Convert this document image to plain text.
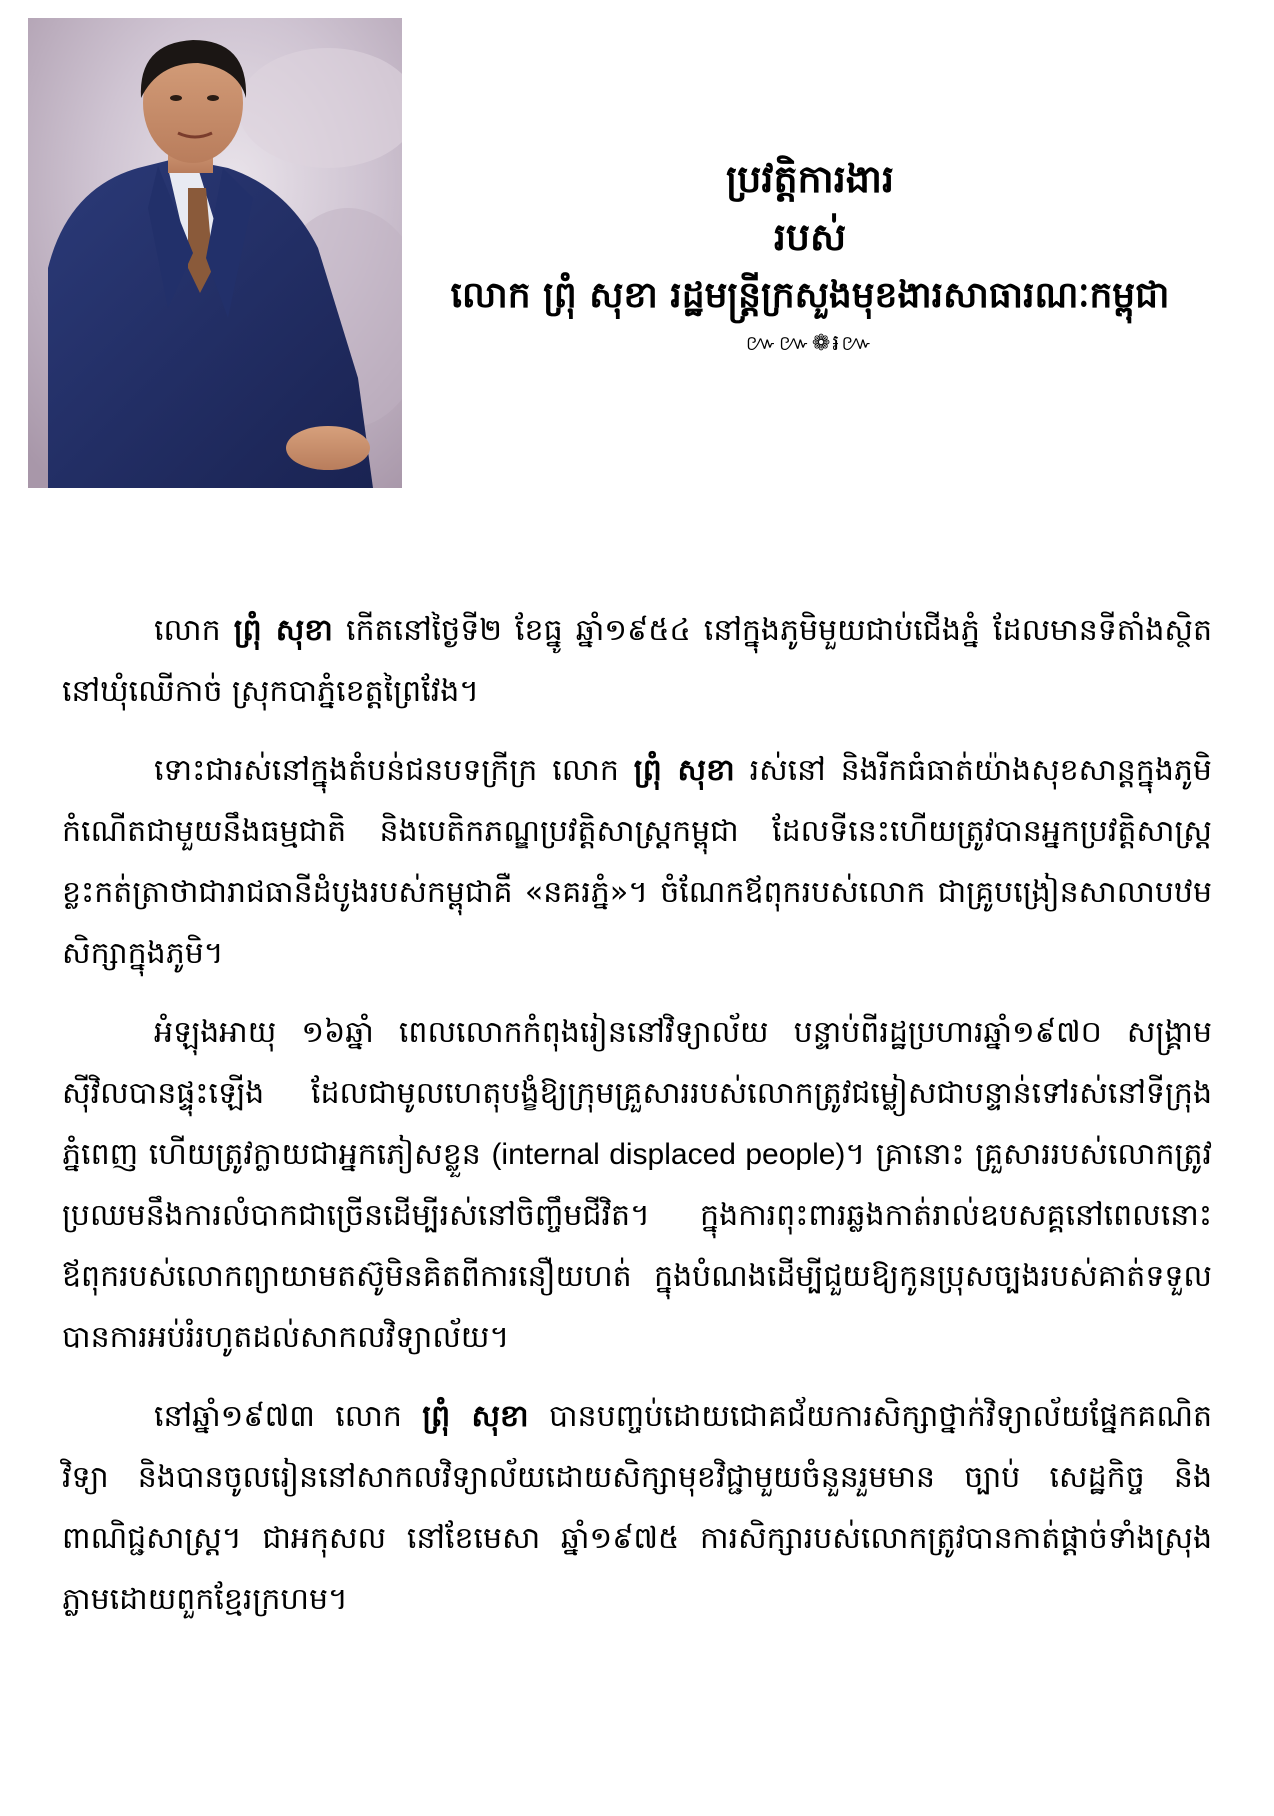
ប្រវត្តិការងារ
របស់
លោក ព្រុំ សុខា រដ្ឋមន្ត្រីក្រសួងមុខងារសាធារណៈកម្ពុជា
៚៚❁៛៚

លោក ព្រុំ សុខា កើតនៅថ្ងៃទី២ ខែធ្នូ ឆ្នាំ១៩៥៤ នៅក្នុងភូមិមួយជាប់ជើងភ្នំ ដែលមានទីតាំងស្ថិតនៅឃុំឈើកាច់ ស្រុកបាភ្នំខេត្តព្រៃវែង។

ទោះជារស់នៅក្នុងតំបន់ជនបទក្រីក្រ លោក ព្រុំ សុខា រស់នៅ និងរីកធំធាត់យ៉ាងសុខសាន្តក្នុងភូមិកំណើតជាមួយនឹងធម្មជាតិ និងបេតិកភណ្ឌប្រវត្តិសាស្ត្រកម្ពុជា ដែលទីនេះហើយត្រូវបានអ្នកប្រវត្តិសាស្ត្រខ្លះកត់ត្រាថាជារាជធានីដំបូងរបស់កម្ពុជាគឺ «នគរភ្នំ»។ ចំណែកឪពុករបស់លោក ជាគ្រូបង្រៀនសាលាបឋមសិក្សាក្នុងភូមិ។

អំឡុងអាយុ ១៦ឆ្នាំ ពេលលោកកំពុងរៀននៅវិទ្យាល័យ បន្ទាប់ពីរដ្ឋប្រហារឆ្នាំ១៩៧០ សង្គ្រាមស៊ីវិលបានផ្ទុះឡើង ដែលជាមូលហេតុបង្ខំឱ្យក្រុមគ្រួសាររបស់លោកត្រូវជម្លៀសជាបន្ទាន់ទៅរស់នៅទីក្រុងភ្នំពេញ ហើយត្រូវក្លាយជាអ្នកភៀសខ្លួន (internal displaced people)។ គ្រានោះ គ្រួសាររបស់លោកត្រូវប្រឈមនឹងការលំបាកជាច្រើនដើម្បីរស់នៅចិញ្ចឹមជីវិត។ ក្នុងការពុះពារឆ្លងកាត់រាល់ឧបសគ្គនៅពេលនោះ ឪពុករបស់លោកព្យាយាមតស៊ូមិនគិតពីការនឿយហត់ ក្នុងបំណងដើម្បីជួយឱ្យកូនប្រុសច្បងរបស់គាត់ទទួលបានការអប់រំរហូតដល់សាកលវិទ្យាល័យ។

នៅឆ្នាំ១៩៧៣ លោក ព្រុំ សុខា បានបញ្ចប់ដោយជោគជ័យការសិក្សាថ្នាក់វិទ្យាល័យផ្នែកគណិតវិទ្យា និងបានចូលរៀននៅសាកលវិទ្យាល័យដោយសិក្សាមុខវិជ្ជាមួយចំនួនរួមមាន ច្បាប់ សេដ្ឋកិច្ច និងពាណិជ្ជសាស្ត្រ។ ជាអកុសល នៅខែមេសា ឆ្នាំ១៩៧៥ ការសិក្សារបស់លោកត្រូវបានកាត់ផ្តាច់ទាំងស្រុងភ្លាមដោយពួកខ្មែរក្រហម។
